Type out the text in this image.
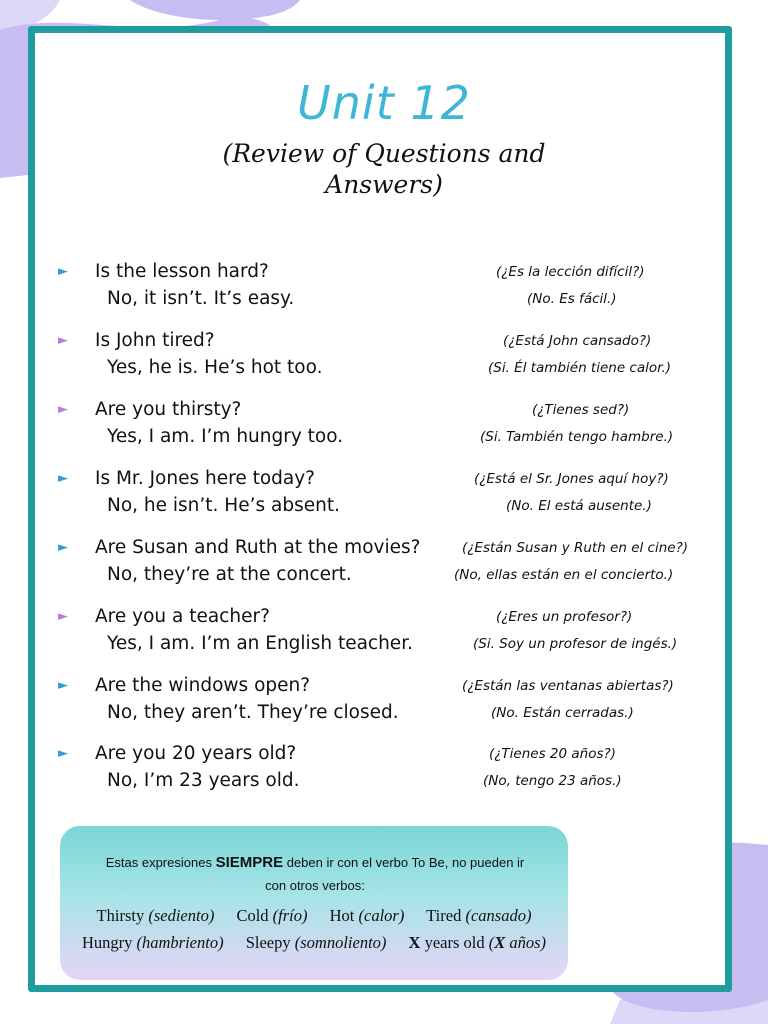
Unit 12
(Review of Questions and
Answers)
► Is the lesson hard?
No, it isn’t. It’s easy.
(¿Es la lección difícil?)
(No. Es fácil.)
► Is John tired?
Yes, he is. He’s hot too.
(¿Está John cansado?)
(Si. Él también tiene calor.)
► Are you thirsty?
Yes, I am. I’m hungry too.
(¿Tienes sed?)
(Si. También tengo hambre.)
► Is Mr. Jones here today?
No, he isn’t. He’s absent.
(¿Está el Sr. Jones aquí hoy?)
(No. El está ausente.)
► Are Susan and Ruth at the movies?
No, they’re at the concert.
(¿Están Susan y Ruth en el cine?)
(No, ellas están en el concierto.)
► Are you a teacher?
Yes, I am. I’m an English teacher.
(¿Eres un profesor?)
(Si. Soy un profesor de ingés.)
► Are the windows open?
No, they aren’t. They’re closed.
(¿Están las ventanas abiertas?)
(No. Están cerradas.)
► Are you 20 years old?
No, I’m 23 years old.
(¿Tienes 20 años?)
(No, tengo 23 años.)
Estas expresiones SIEMPRE deben ir con el verbo To Be, no pueden ir
con otros verbos:
Thirsty (sediento) Cold (frío) Hot (calor) Tired (cansado)
Hungry (hambriento) Sleepy (somnoliento) X years old (X años)
